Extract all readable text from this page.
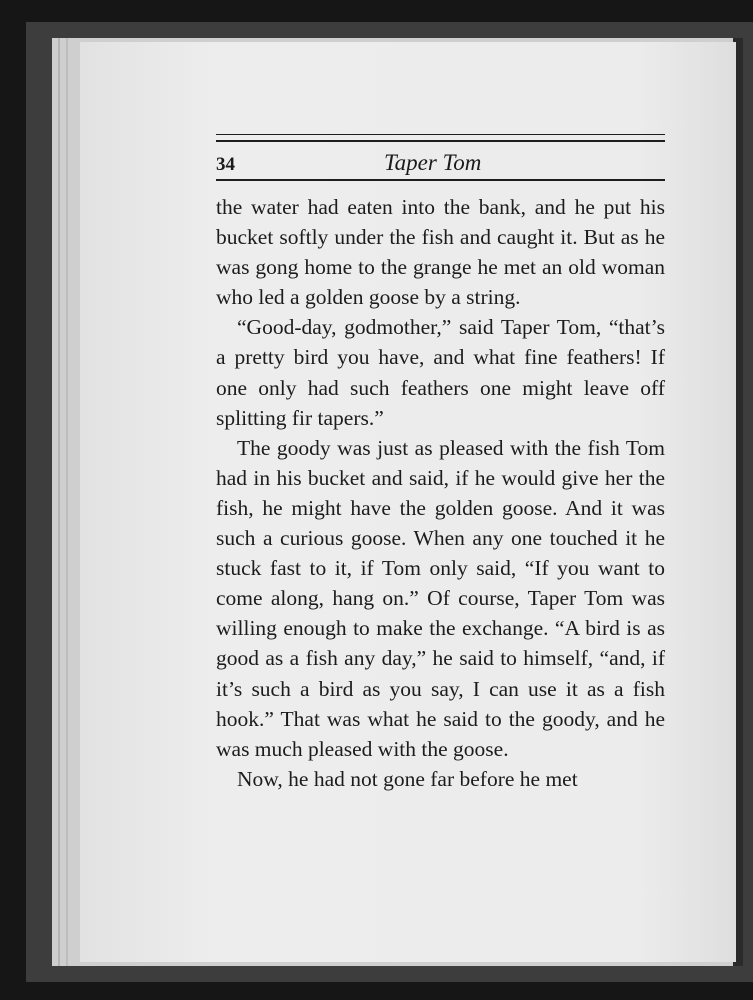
34	Taper Tom

the water had eaten into the bank, and he put his bucket softly under the fish and caught it. But as he was gong home to the grange he met an old woman who led a golden goose by a string.

“Good-day, godmother,” said Taper Tom, “that’s a pretty bird you have, and what fine feathers! If one only had such feathers one might leave off splitting fir tapers.”

The goody was just as pleased with the fish Tom had in his bucket and said, if he would give her the fish, he might have the golden goose. And it was such a curious goose. When any one touched it he stuck fast to it, if Tom only said, “If you want to come along, hang on.” Of course, Taper Tom was willing enough to make the exchange. “A bird is as good as a fish any day,” he said to himself, “and, if it’s such a bird as you say, I can use it as a fish hook.” That was what he said to the goody, and he was much pleased with the goose.

Now, he had not gone far before he met
